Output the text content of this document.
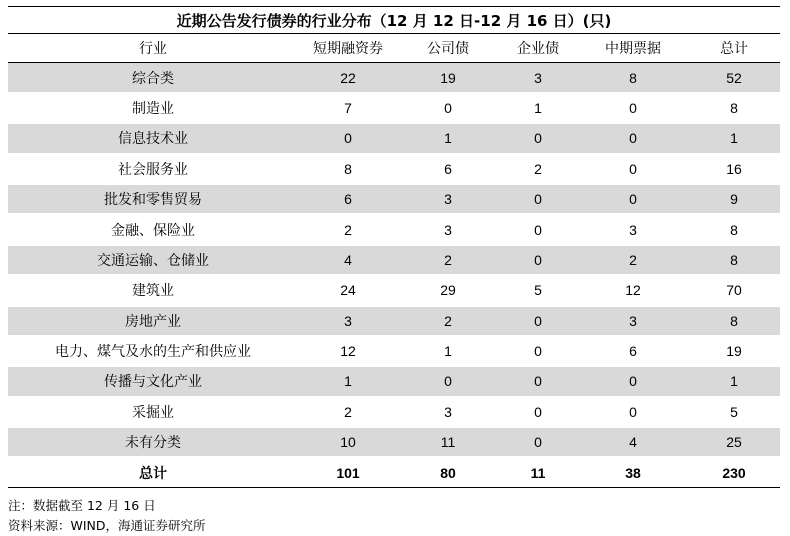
近期公告发行债券的行业分布（12 月 12 日-12 月 16 日）(只)
行业	短期融资券	公司债	企业债	中期票据	总计
综合类	22	19	3	8	52
制造业	7	0	1	0	8
信息技术业	0	1	0	0	1
社会服务业	8	6	2	0	16
批发和零售贸易	6	3	0	0	9
金融、保险业	2	3	0	3	8
交通运输、仓储业	4	2	0	2	8
建筑业	24	29	5	12	70
房地产业	3	2	0	3	8
电力、煤气及水的生产和供应业	12	1	0	6	19
传播与文化产业	1	0	0	0	1
采掘业	2	3	0	0	5
未有分类	10	11	0	4	25
总计	101	80	11	38	230
注：数据截至 12 月 16 日
资料来源：WIND，海通证券研究所
